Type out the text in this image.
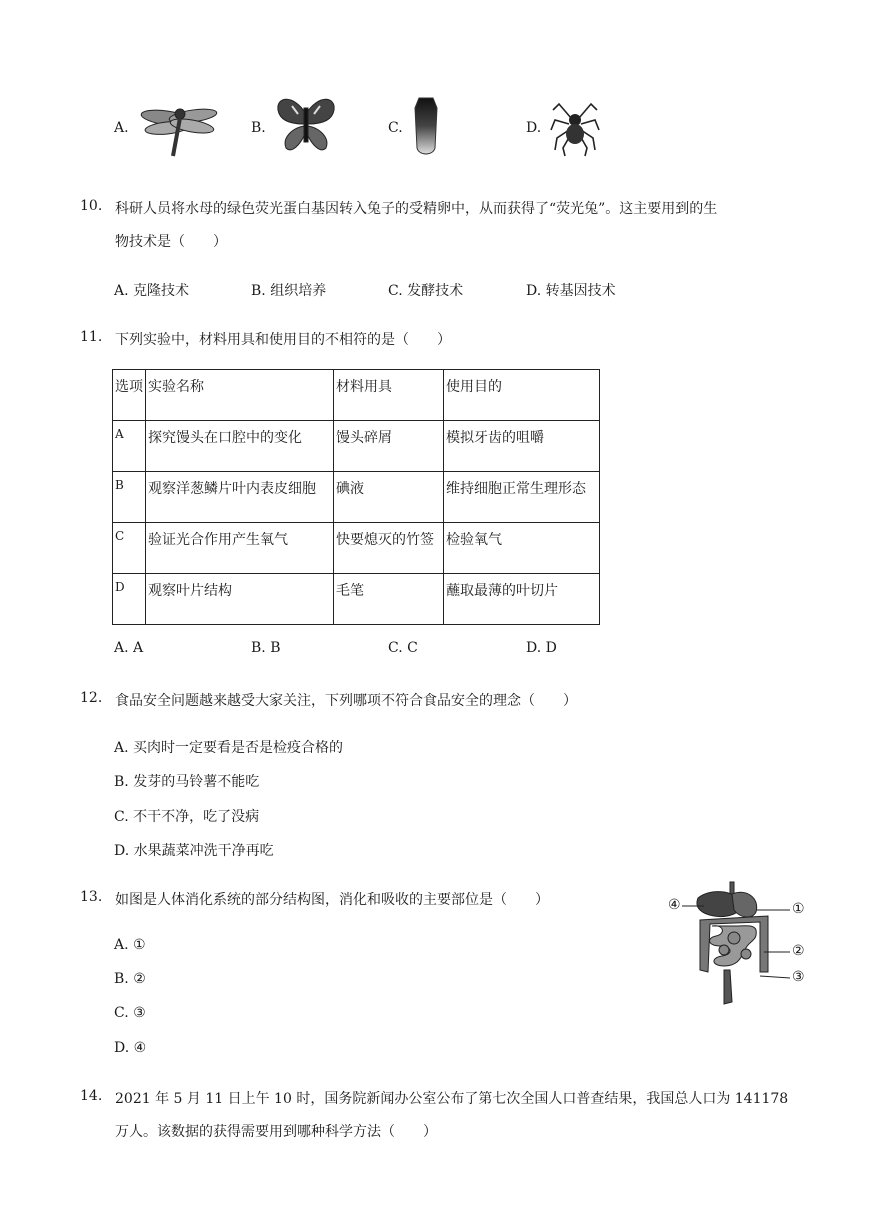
A.	B.	C.	D.
10. 科研人员将水母的绿色荧光蛋白基因转入兔子的受精卵中，从而获得了“荧光兔”。这主要用到的生
物技术是（　　）
A. 克隆技术	B. 组织培养	C. 发酵技术	D. 转基因技术
11. 下列实验中，材料用具和使用目的不相符的是（　　）
选项	实验名称	材料用具	使用目的
A	探究馒头在口腔中的变化	馒头碎屑	模拟牙齿的咀嚼
B	观察洋葱鳞片叶内表皮细胞	碘液	维持细胞正常生理形态
C	验证光合作用产生氧气	快要熄灭的竹签	检验氧气
D	观察叶片结构	毛笔	蘸取最薄的叶切片
A. A	B. B	C. C	D. D
12. 食品安全问题越来越受大家关注，下列哪项不符合食品安全的理念（　　）
A. 买肉时一定要看是否是检疫合格的
B. 发芽的马铃薯不能吃
C. 不干不净，吃了没病
D. 水果蔬菜冲洗干净再吃
13. 如图是人体消化系统的部分结构图，消化和吸收的主要部位是（　　）
A. ①
B. ②
C. ③
D. ④
④	①
②
③
14. 2021 年 5 月 11 日上午 10 时，国务院新闻办公室公布了第七次全国人口普查结果，我国总人口为 141178
万人。该数据的获得需要用到哪种科学方法（　　）
